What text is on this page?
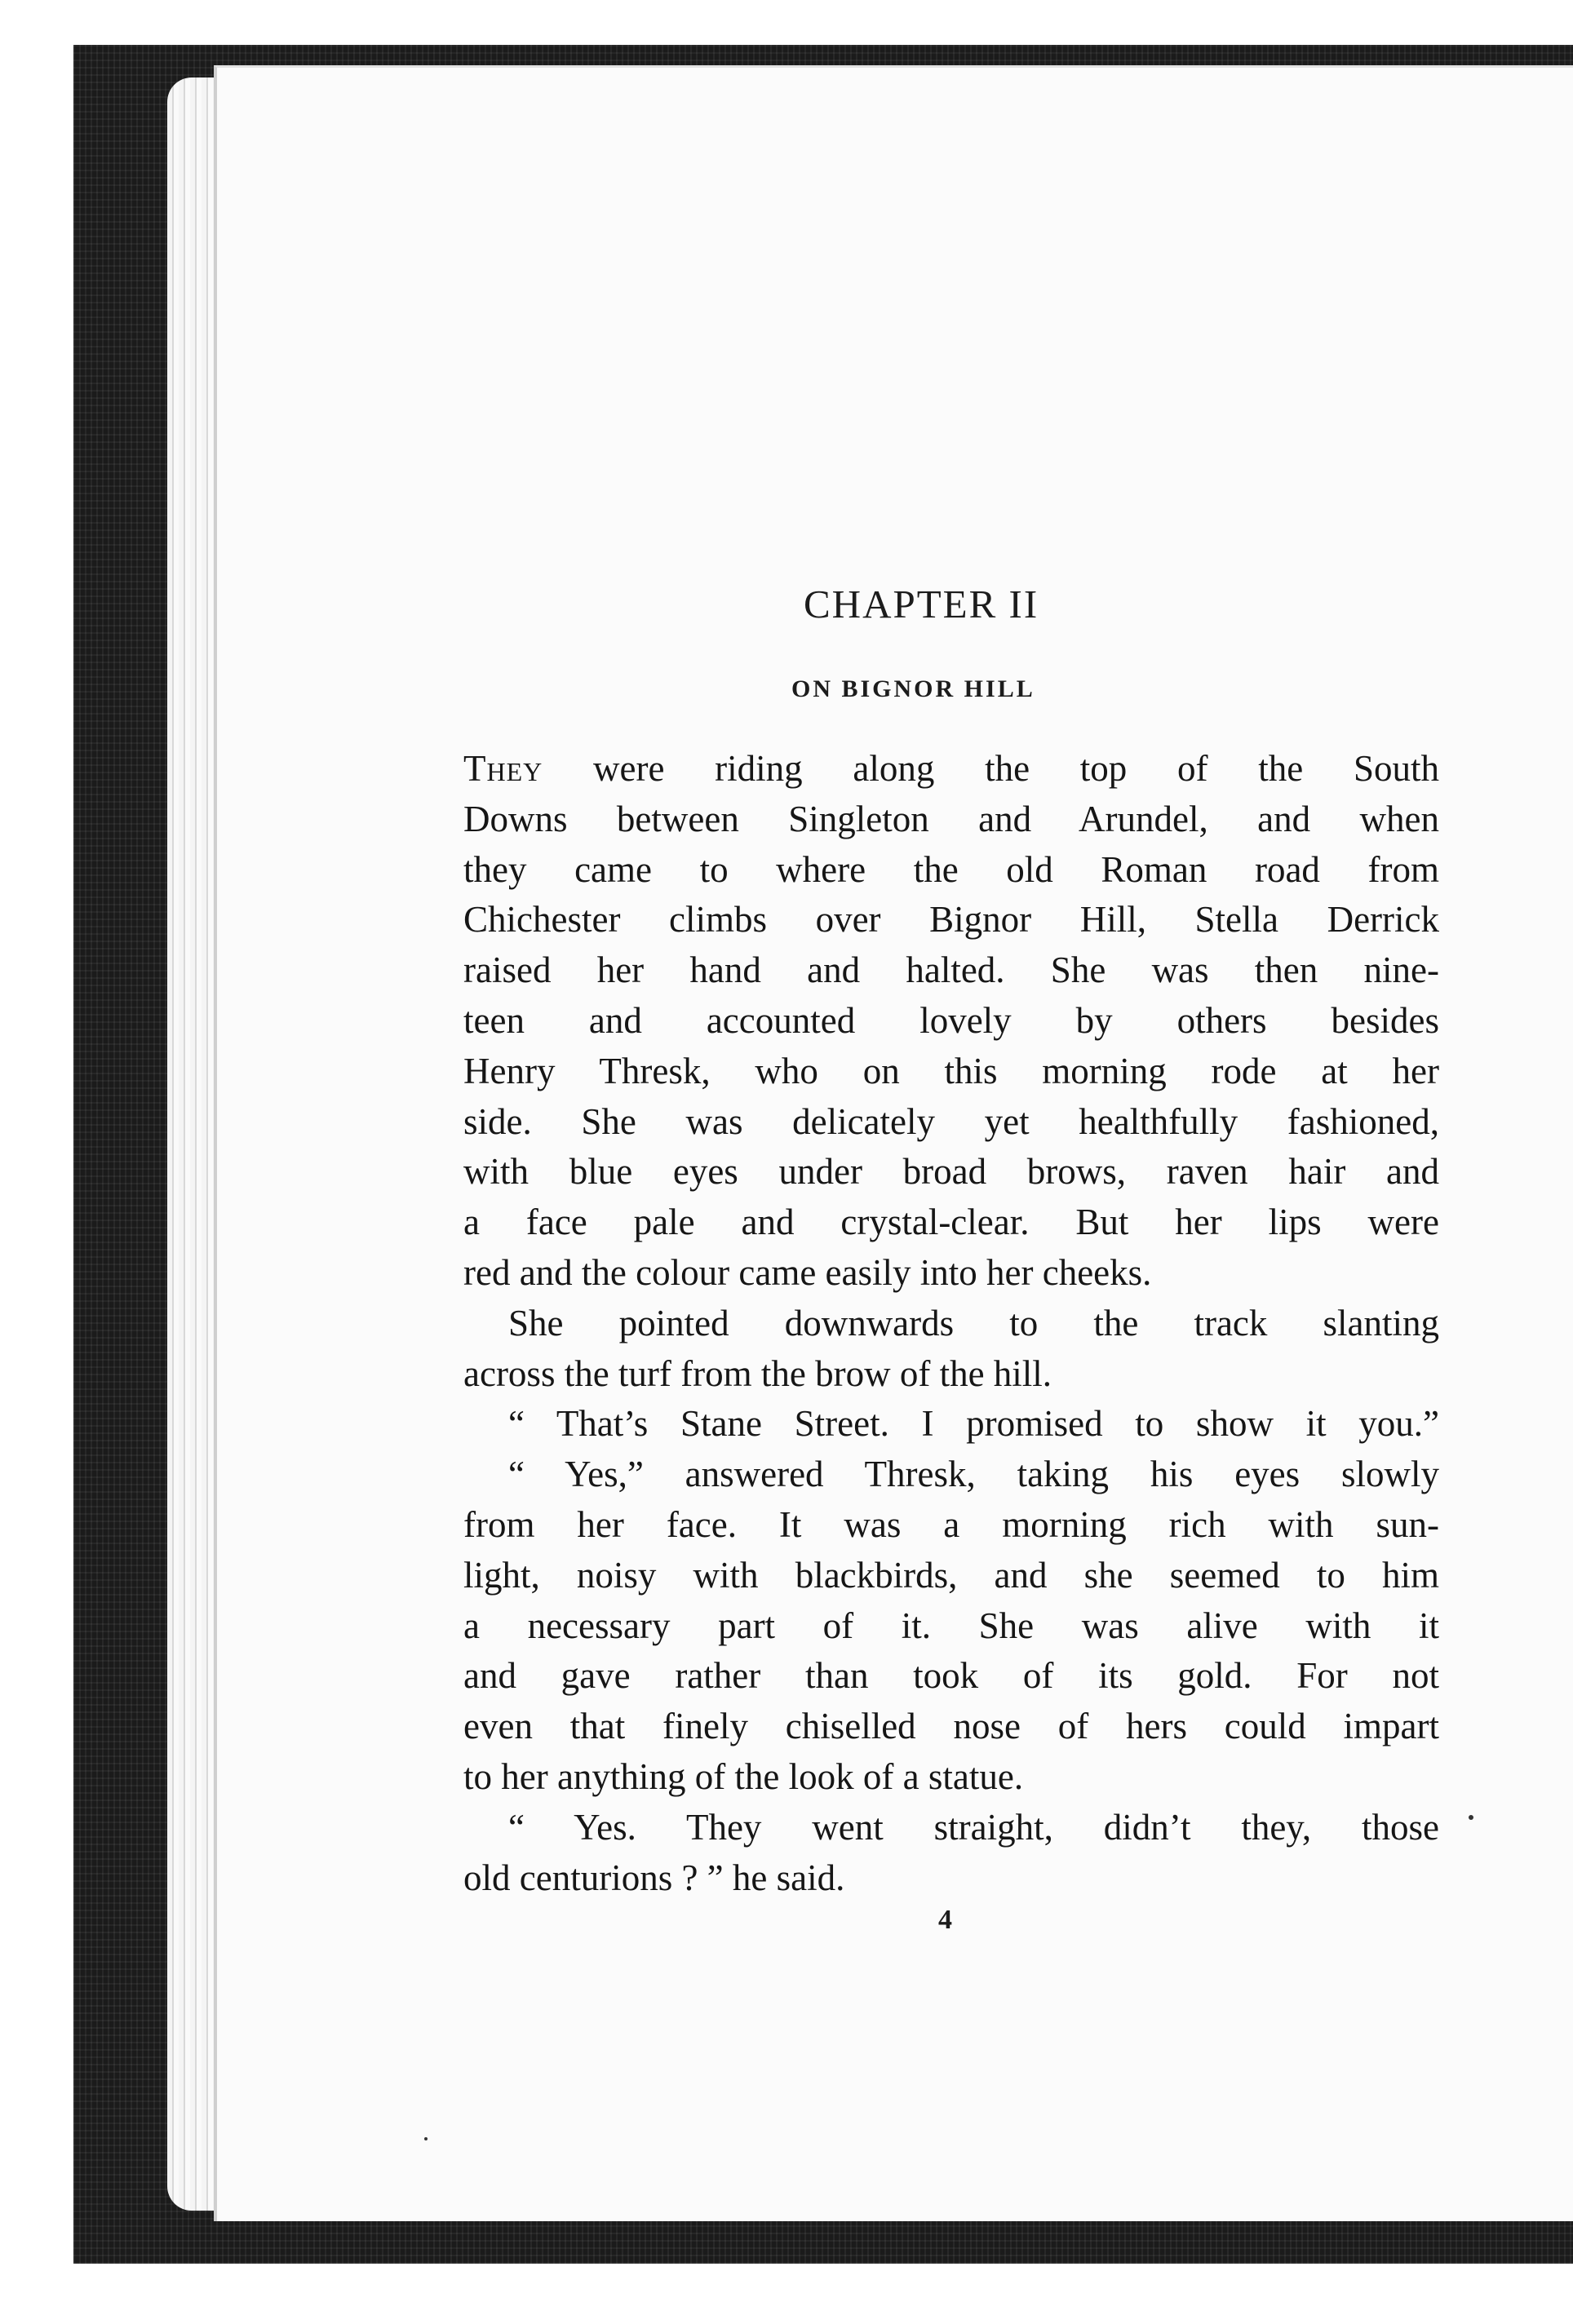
CHAPTER II
ON BIGNOR HILL
They were riding along the top of the South
Downs between Singleton and Arundel, and when
they came to where the old Roman road from
Chichester climbs over Bignor Hill, Stella Derrick
raised her hand and halted. She was then nine-
teen and accounted lovely by others besides
Henry Thresk, who on this morning rode at her
side. She was delicately yet healthfully fashioned,
with blue eyes under broad brows, raven hair and
a face pale and crystal-clear. But her lips were
red and the colour came easily into her cheeks.
She pointed downwards to the track slanting
across the turf from the brow of the hill.
“ That’s Stane Street. I promised to show it you.”
“ Yes,” answered Thresk, taking his eyes slowly
from her face. It was a morning rich with sun-
light, noisy with blackbirds, and she seemed to him
a necessary part of it. She was alive with it
and gave rather than took of its gold. For not
even that finely chiselled nose of hers could impart
to her anything of the look of a statue.
“ Yes. They went straight, didn’t they, those
old centurions ? ” he said.
4
